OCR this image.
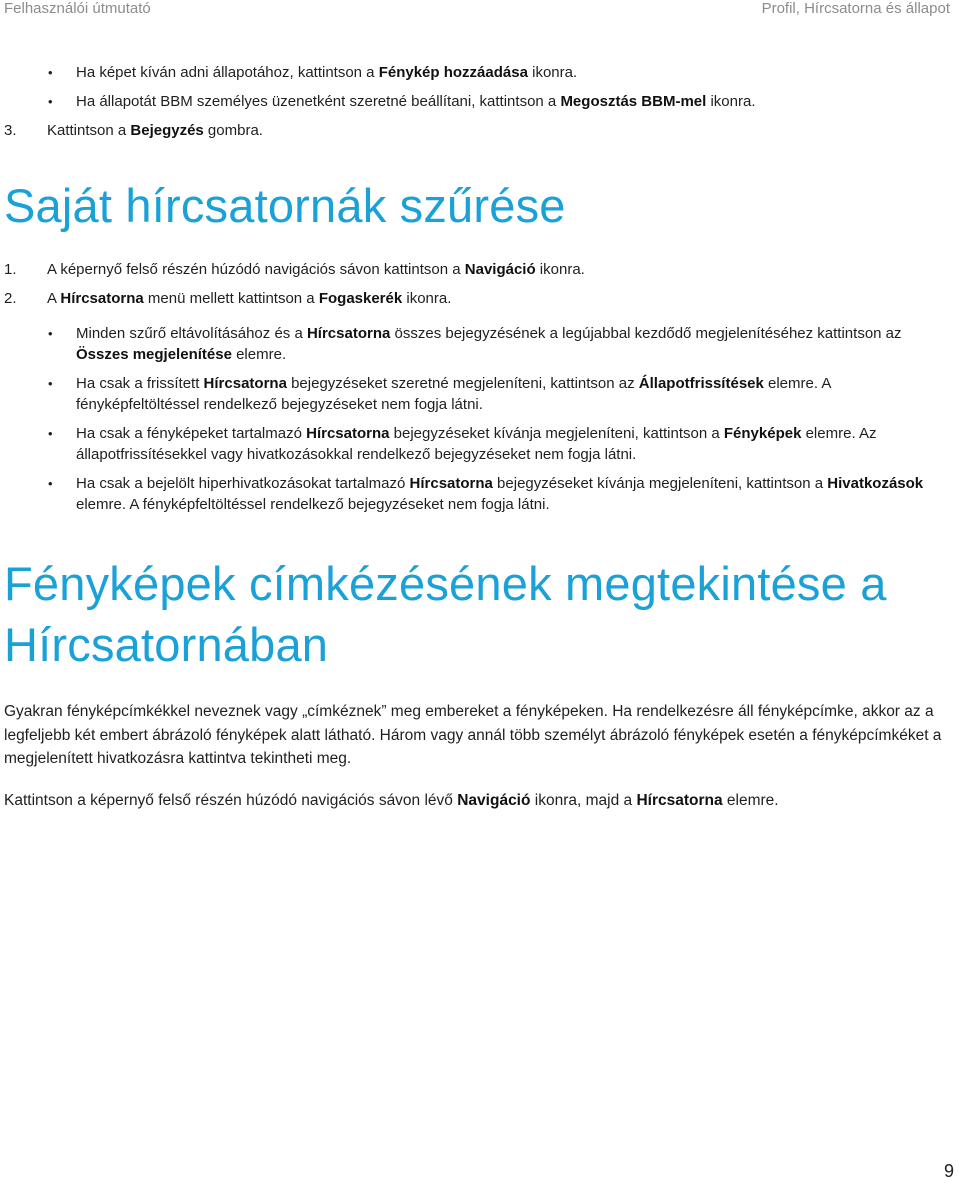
Felhasználói útmutató	Profil, Hírcsatorna és állapot

• Ha képet kíván adni állapotához, kattintson a Fénykép hozzáadása ikonra.

• Ha állapotát BBM személyes üzenetként szeretné beállítani, kattintson a Megosztás BBM-mel ikonra.

3. Kattintson a Bejegyzés gombra.

Saját hírcsatornák szűrése

1. A képernyő felső részén húzódó navigációs sávon kattintson a Navigáció ikonra.

2. A Hírcsatorna menü mellett kattintson a Fogaskerék ikonra.

• Minden szűrő eltávolításához és a Hírcsatorna összes bejegyzésének a legújabbal kezdődő megjelenítéséhez kattintson az Összes megjelenítése elemre.

• Ha csak a frissített Hírcsatorna bejegyzéseket szeretné megjeleníteni, kattintson az Állapotfrissítések elemre. A fényképfeltöltéssel rendelkező bejegyzéseket nem fogja látni.

• Ha csak a fényképeket tartalmazó Hírcsatorna bejegyzéseket kívánja megjeleníteni, kattintson a Fényképek elemre. Az állapotfrissítésekkel vagy hivatkozásokkal rendelkező bejegyzéseket nem fogja látni.

• Ha csak a bejelölt hiperhivatkozásokat tartalmazó Hírcsatorna bejegyzéseket kívánja megjeleníteni, kattintson a Hivatkozások elemre. A fényképfeltöltéssel rendelkező bejegyzéseket nem fogja látni.

Fényképek címkézésének megtekintése a
Hírcsatornában

Gyakran fényképcímkékkel neveznek vagy „címkéznek” meg embereket a fényképeken. Ha rendelkezésre áll fényképcímke, akkor az a legfeljebb két embert ábrázoló fényképek alatt látható. Három vagy annál több személyt ábrázoló fényképek esetén a fényképcímkéket a megjelenített hivatkozásra kattintva tekintheti meg.

Kattintson a képernyő felső részén húzódó navigációs sávon lévő Navigáció ikonra, majd a Hírcsatorna elemre.

9
